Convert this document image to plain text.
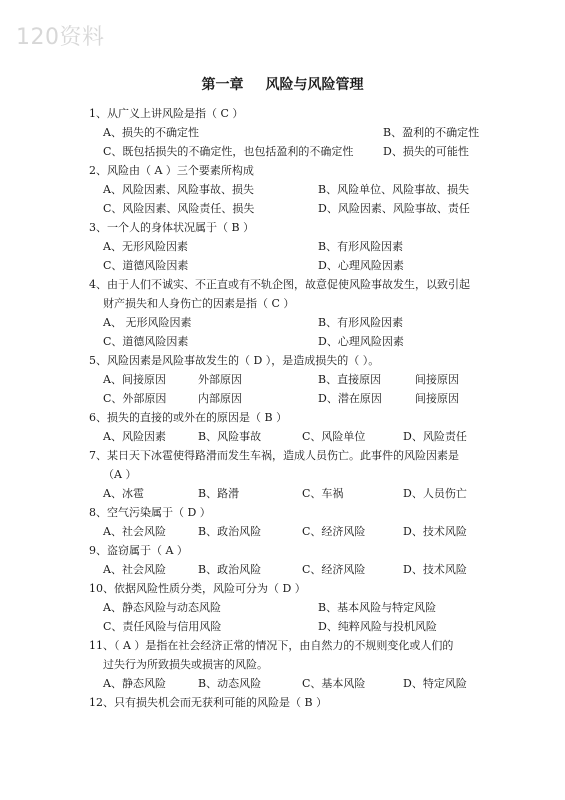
120资料
第一章 风险与风险管理
1、从广义上讲风险是指（ C ）
A、损失的不确定性	B、盈利的不确定性
C、既包括损失的不确定性，也包括盈利的不确定性	D、损失的可能性
2、风险由（ A ）三个要素所构成
A、风险因素、风险事故、损失	B、风险单位、风险事故、损失
C、风险因素、风险责任、损失	D、风险因素、风险事故、责任
3、一个人的身体状况属于（ B ）
A、无形风险因素	B、有形风险因素
C、道德风险因素	D、心理风险因素
4、由于人们不诚实、不正直或有不轨企图，故意促使风险事故发生，以致引起
财产损失和人身伤亡的因素是指（ C ）
A、 无形风险因素	B、有形风险因素
C、道德风险因素	D、心理风险因素
5、风险因素是风险事故发生的（ D ），是造成损失的（ ）。
A、间接原因	外部原因	B、直接原因	间接原因
C、外部原因	内部原因	D、潜在原因	间接原因
6、损失的直接的或外在的原因是（ B ）
A、风险因素	B、风险事故	C、风险单位	D、风险责任
7、某日天下冰雹使得路滑而发生车祸，造成人员伤亡。此事件的风险因素是
（A ）
A、冰雹	B、路滑	C、车祸	D、人员伤亡
8、空气污染属于（ D ）
A、社会风险	B、政治风险	C、经济风险	D、技术风险
9、盗窃属于（ A ）
A、社会风险	B、政治风险	C、经济风险	D、技术风险
10、依据风险性质分类，风险可分为（ D ）
A、静态风险与动态风险	B、基本风险与特定风险
C、责任风险与信用风险	D、纯粹风险与投机风险
11、（ A ）是指在社会经济正常的情况下，由自然力的不规则变化或人们的
过失行为所致损失或损害的风险。
A、静态风险	B、动态风险	C、基本风险	D、特定风险
12、只有损失机会而无获利可能的风险是（ B ）
